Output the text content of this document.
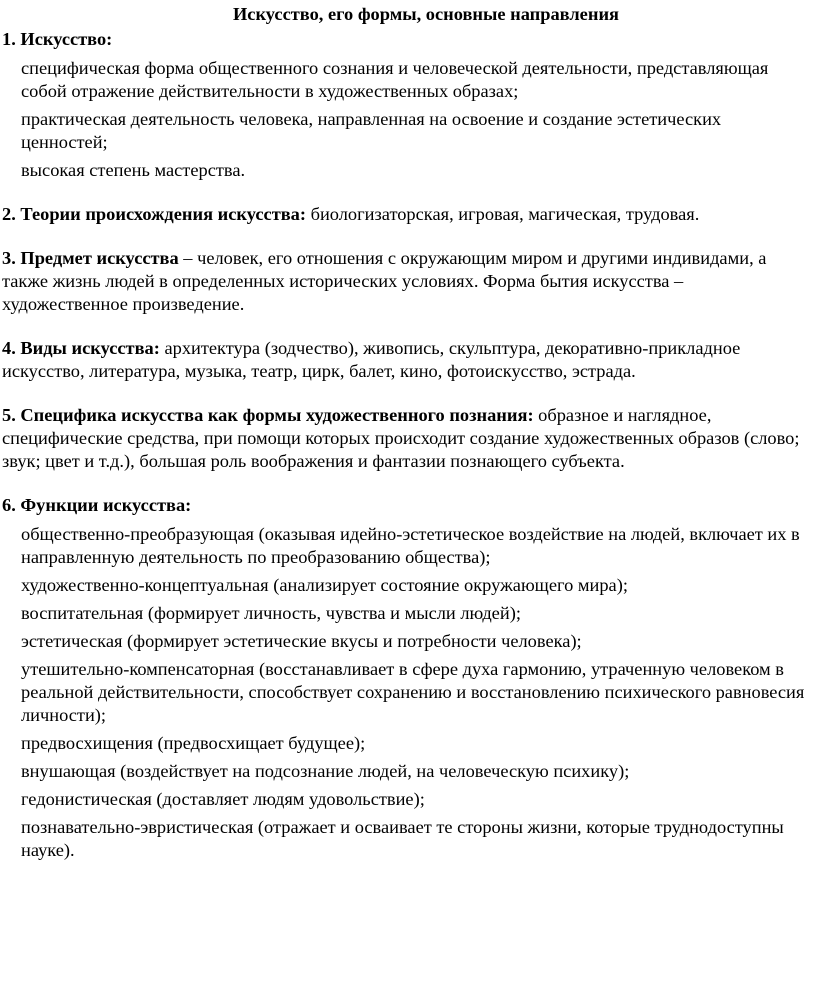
Искусство, его формы, основные направления
1. Искусство:
специфическая форма общественного сознания и человеческой деятельности, представляющая собой отражение действительности в художественных образах;
практическая деятельность человека, направленная на освоение и создание эстетических ценностей;
высокая степень мастерства.

2. Теории происхождения искусства: биологизаторская, игровая, магическая, трудовая.

3. Предмет искусства – человек, его отношения с окружающим миром и другими индивидами, а также жизнь людей в определенных исторических условиях. Форма бытия искусства – художественное произведение.

4. Виды искусства: архитектура (зодчество), живопись, скульптура, декоративно-прикладное искусство, литература, музыка, театр, цирк, балет, кино, фотоискусство, эстрада.

5. Специфика искусства как формы художественного познания: образное и наглядное, специфические средства, при помощи которых происходит создание художественных образов (слово; звук; цвет и т.д.), большая роль воображения и фантазии познающего субъекта.

6. Функции искусства:
общественно-преобразующая (оказывая идейно-эстетическое воздействие на людей, включает их в направленную деятельность по преобразованию общества);
художественно-концептуальная (анализирует состояние окружающего мира);
воспитательная (формирует личность, чувства и мысли людей);
эстетическая (формирует эстетические вкусы и потребности человека);
утешительно-компенсаторная (восстанавливает в сфере духа гармонию, утраченную человеком в реальной действительности, способствует сохранению и восстановлению психического равновесия личности);
предвосхищения (предвосхищает будущее);
внушающая (воздействует на подсознание людей, на человеческую психику);
гедонистическая (доставляет людям удовольствие);
познавательно-эвристическая (отражает и осваивает те стороны жизни, которые труднодоступны науке).
